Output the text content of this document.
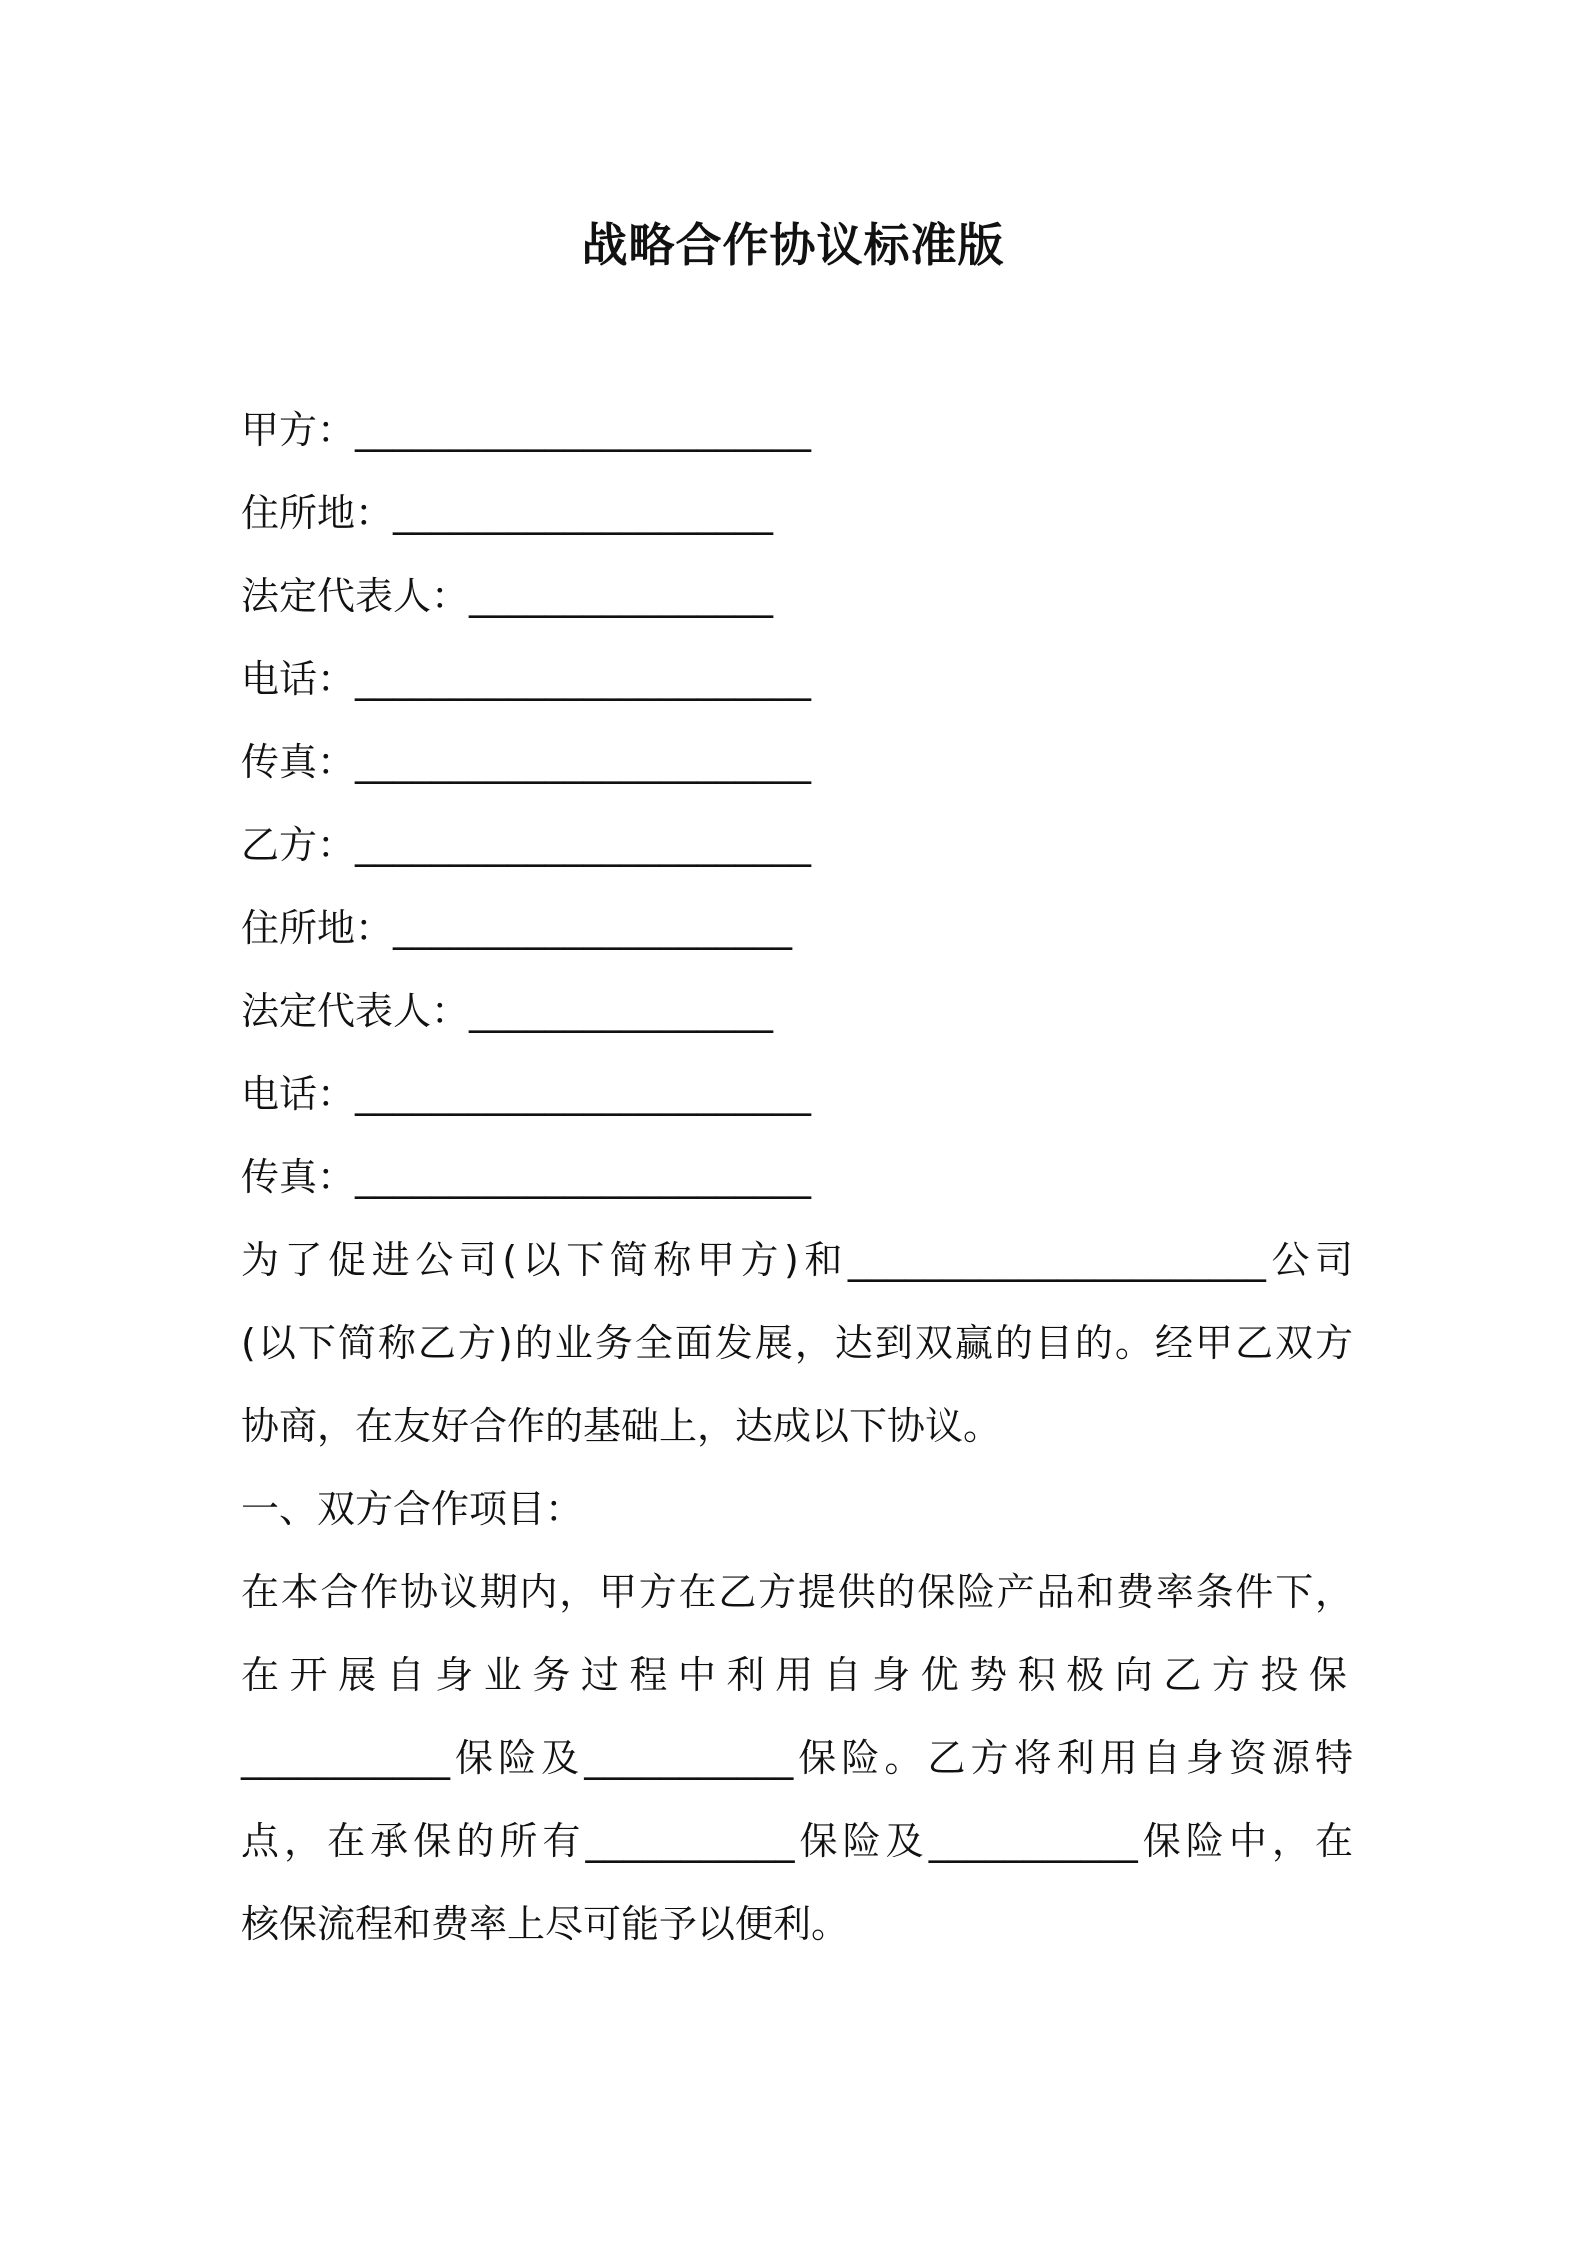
战略合作协议标准版
甲方：________________________
住所地：____________________
法定代表人：________________
电话：________________________
传真：________________________
乙方：________________________
住所地：_____________________
法定代表人：________________
电话：________________________
传真：________________________
为了促进公司(以下简称甲方)和______________________公司
(以下简称乙方)的业务全面发展，达到双赢的目的。经甲乙双方
协商，在友好合作的基础上，达成以下协议。
一、双方合作项目：
在本合作协议期内，甲方在乙方提供的保险产品和费率条件下，
在开展自身业务过程中利用自身优势积极向乙方投保
___________保险及___________保险。乙方将利用自身资源特
点，在承保的所有___________保险及___________保险中，在
核保流程和费率上尽可能予以便利。
